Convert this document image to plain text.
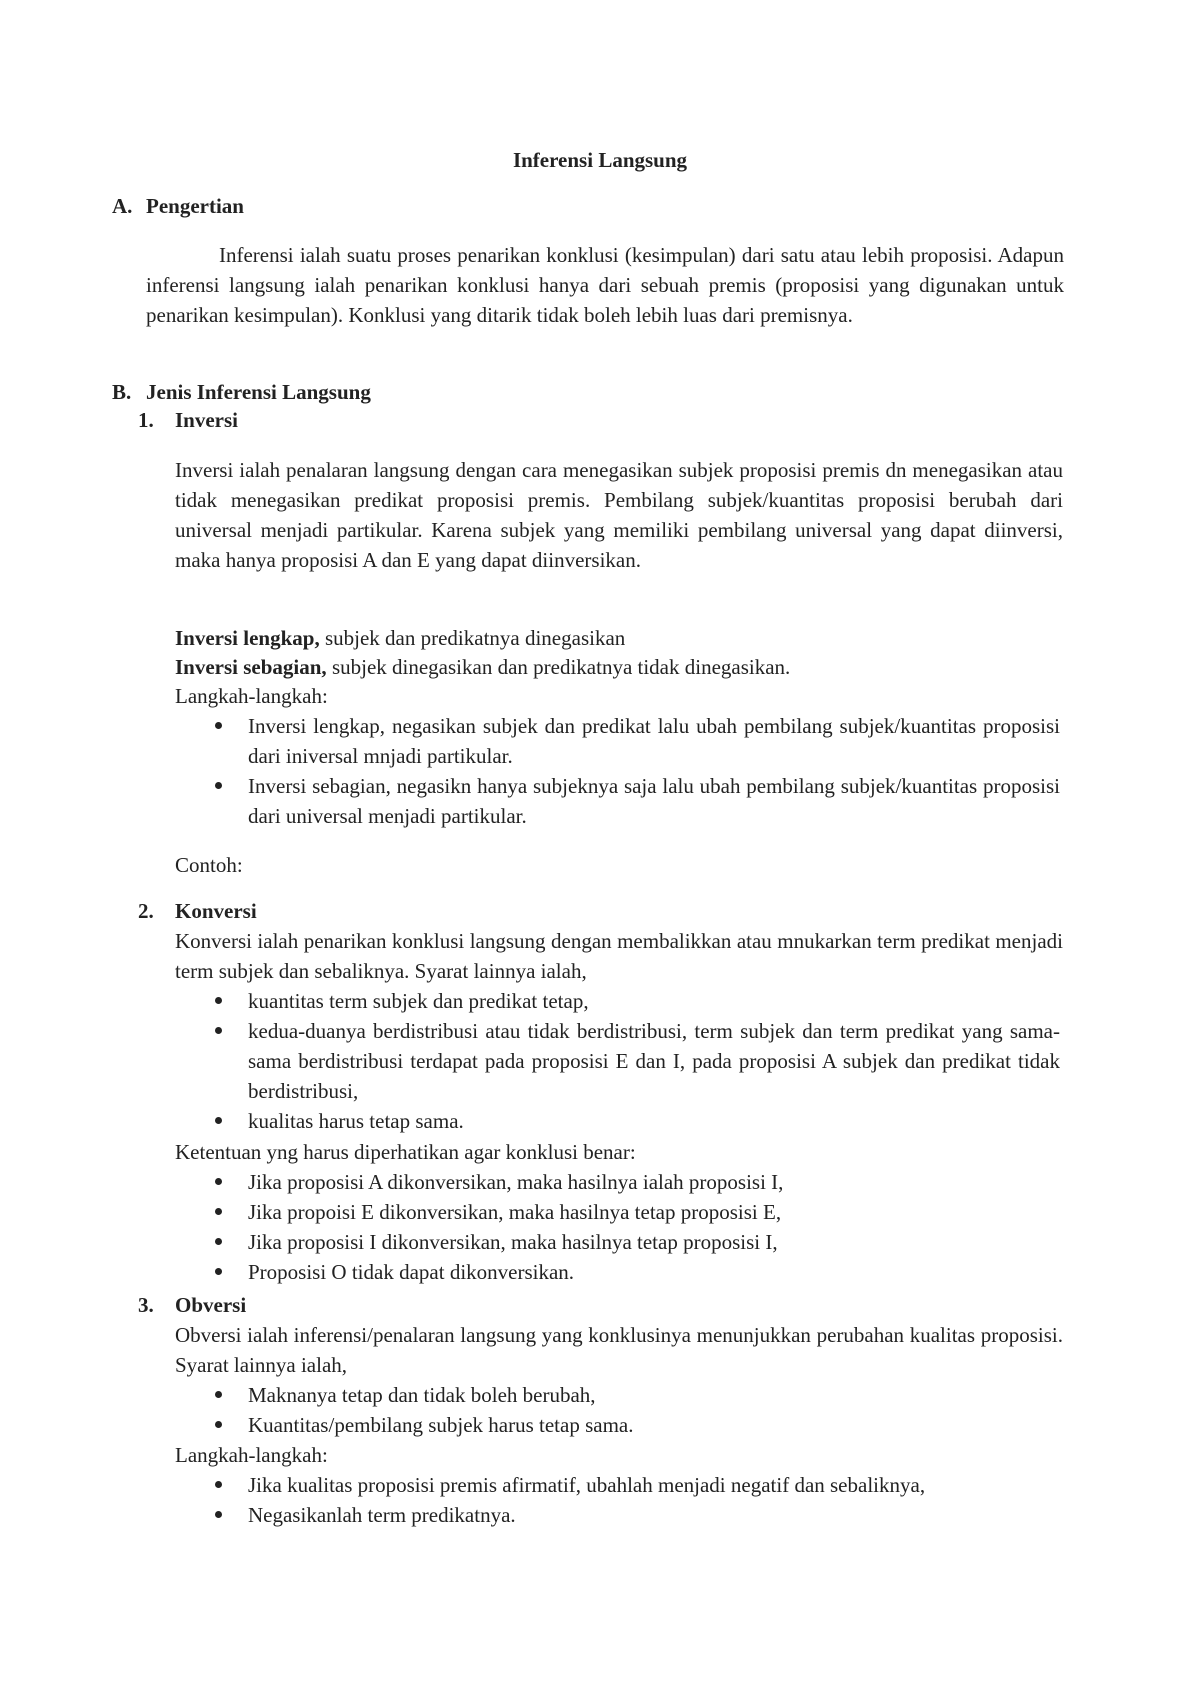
Inferensi Langsung
A. Pengertian
Inferensi ialah suatu proses penarikan konklusi (kesimpulan) dari satu atau lebih proposisi. Adapun inferensi langsung ialah penarikan konklusi hanya dari sebuah premis (proposisi yang digunakan untuk penarikan kesimpulan). Konklusi yang ditarik tidak boleh lebih luas dari premisnya.
B. Jenis Inferensi Langsung
1. Inversi
Inversi ialah penalaran langsung dengan cara menegasikan subjek proposisi premis dn menegasikan atau tidak menegasikan predikat proposisi premis. Pembilang subjek/kuantitas proposisi berubah dari universal menjadi partikular. Karena subjek yang memiliki pembilang universal yang dapat diinversi, maka hanya proposisi A dan E yang dapat diinversikan.
Inversi lengkap, subjek dan predikatnya dinegasikan
Inversi sebagian, subjek dinegasikan dan predikatnya tidak dinegasikan.
Langkah-langkah:
Inversi lengkap, negasikan subjek dan predikat lalu ubah pembilang subjek/kuantitas proposisi dari iniversal mnjadi partikular.
Inversi sebagian, negasikn hanya subjeknya saja lalu ubah pembilang subjek/kuantitas proposisi dari universal menjadi partikular.
Contoh:
2. Konversi
Konversi ialah penarikan konklusi langsung dengan membalikkan atau mnukarkan term predikat menjadi term subjek dan sebaliknya. Syarat lainnya ialah,
kuantitas term subjek dan predikat tetap,
kedua-duanya berdistribusi atau tidak berdistribusi, term subjek dan term predikat yang sama-sama berdistribusi terdapat pada proposisi E dan I, pada proposisi A subjek dan predikat tidak berdistribusi,
kualitas harus tetap sama.
Ketentuan yng harus diperhatikan agar konklusi benar:
Jika proposisi A dikonversikan, maka hasilnya ialah proposisi I,
Jika propoisi E dikonversikan, maka hasilnya tetap proposisi E,
Jika proposisi I dikonversikan, maka hasilnya tetap proposisi I,
Proposisi O tidak dapat dikonversikan.
3. Obversi
Obversi ialah inferensi/penalaran langsung yang konklusinya menunjukkan perubahan kualitas proposisi. Syarat lainnya ialah,
Maknanya tetap dan tidak boleh berubah,
Kuantitas/pembilang subjek harus tetap sama.
Langkah-langkah:
Jika kualitas proposisi premis afirmatif, ubahlah menjadi negatif dan sebaliknya,
Negasikanlah term predikatnya.
